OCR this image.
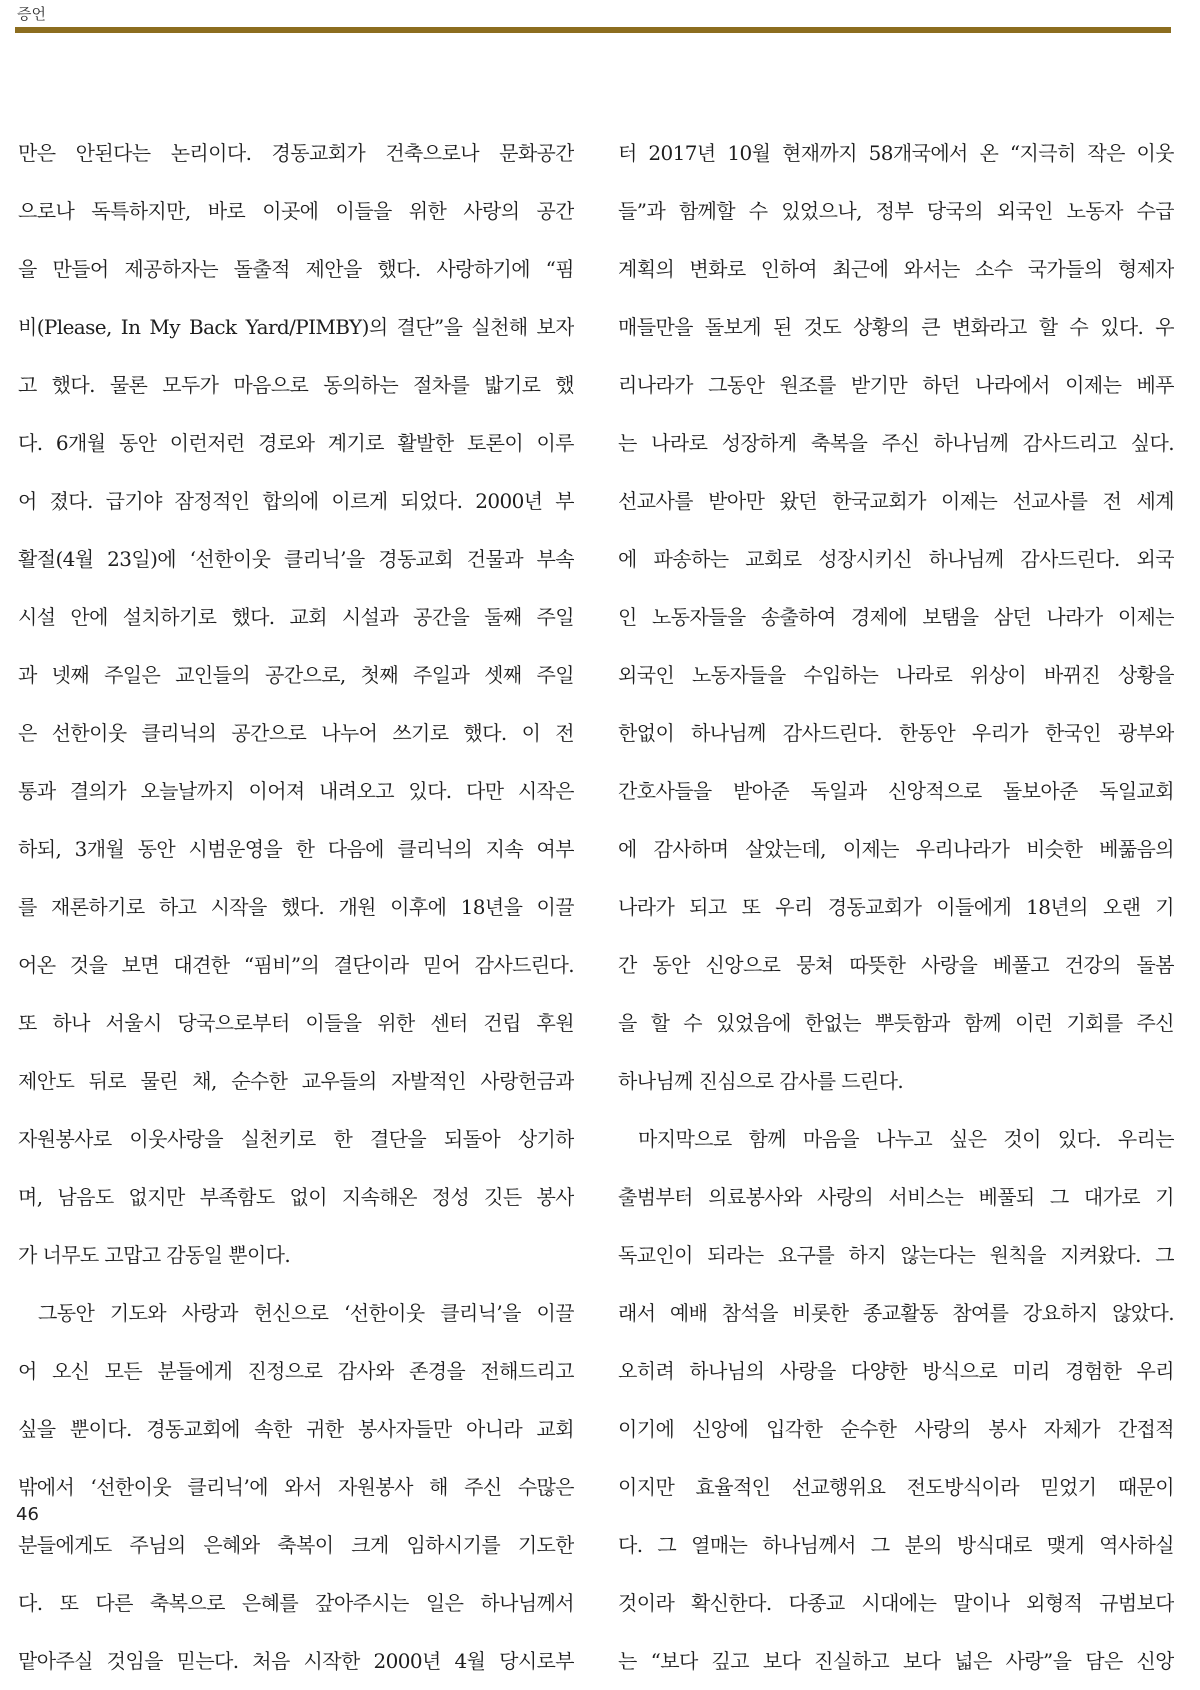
증언
만은 안된다는 논리이다. 경동교회가 건축으로나 문화공간
으로나 독특하지만, 바로 이곳에 이들을 위한 사랑의 공간
을 만들어 제공하자는 돌출적 제안을 했다. 사랑하기에 “핌
비(Please, In My Back Yard/PIMBY)의 결단”을 실천해 보자
고 했다. 물론 모두가 마음으로 동의하는 절차를 밟기로 했
다. 6개월 동안 이런저런 경로와 계기로 활발한 토론이 이루
어 졌다. 급기야 잠정적인 합의에 이르게 되었다. 2000년 부
활절(4월 23일)에 ‘선한이웃 클리닉’을 경동교회 건물과 부속
시설 안에 설치하기로 했다. 교회 시설과 공간을 둘째 주일
과 넷째 주일은 교인들의 공간으로, 첫째 주일과 셋째 주일
은 선한이웃 클리닉의 공간으로 나누어 쓰기로 했다. 이 전
통과 결의가 오늘날까지 이어져 내려오고 있다. 다만 시작은
하되, 3개월 동안 시범운영을 한 다음에 클리닉의 지속 여부
를 재론하기로 하고 시작을 했다. 개원 이후에 18년을 이끌
어온 것을 보면 대견한 “핌비”의 결단이라 믿어 감사드린다.
또 하나 서울시 당국으로부터 이들을 위한 센터 건립 후원
제안도 뒤로 물린 채, 순수한 교우들의 자발적인 사랑헌금과
자원봉사로 이웃사랑을 실천키로 한 결단을 되돌아 상기하
며, 남음도 없지만 부족함도 없이 지속해온 정성 깃든 봉사
가 너무도 고맙고 감동일 뿐이다.
그동안 기도와 사랑과 헌신으로 ‘선한이웃 클리닉’을 이끌
어 오신 모든 분들에게 진정으로 감사와 존경을 전해드리고
싶을 뿐이다. 경동교회에 속한 귀한 봉사자들만 아니라 교회
밖에서 ‘선한이웃 클리닉’에 와서 자원봉사 해 주신 수많은
분들에게도 주님의 은혜와 축복이 크게 임하시기를 기도한
다. 또 다른 축복으로 은혜를 갚아주시는 일은 하나님께서
맡아주실 것임을 믿는다. 처음 시작한 2000년 4월 당시로부
터 2017년 10월 현재까지 58개국에서 온 “지극히 작은 이웃
들”과 함께할 수 있었으나, 정부 당국의 외국인 노동자 수급
계획의 변화로 인하여 최근에 와서는 소수 국가들의 형제자
매들만을 돌보게 된 것도 상황의 큰 변화라고 할 수 있다. 우
리나라가 그동안 원조를 받기만 하던 나라에서 이제는 베푸
는 나라로 성장하게 축복을 주신 하나님께 감사드리고 싶다.
선교사를 받아만 왔던 한국교회가 이제는 선교사를 전 세계
에 파송하는 교회로 성장시키신 하나님께 감사드린다. 외국
인 노동자들을 송출하여 경제에 보탬을 삼던 나라가 이제는
외국인 노동자들을 수입하는 나라로 위상이 바뀌진 상황을
한없이 하나님께 감사드린다. 한동안 우리가 한국인 광부와
간호사들을 받아준 독일과 신앙적으로 돌보아준 독일교회
에 감사하며 살았는데, 이제는 우리나라가 비슷한 베풂음의
나라가 되고 또 우리 경동교회가 이들에게 18년의 오랜 기
간 동안 신앙으로 뭉쳐 따뜻한 사랑을 베풀고 건강의 돌봄
을 할 수 있었음에 한없는 뿌듯함과 함께 이런 기회를 주신
하나님께 진심으로 감사를 드린다.
마지막으로 함께 마음을 나누고 싶은 것이 있다. 우리는
출범부터 의료봉사와 사랑의 서비스는 베풀되 그 대가로 기
독교인이 되라는 요구를 하지 않는다는 원칙을 지켜왔다. 그
래서 예배 참석을 비롯한 종교활동 참여를 강요하지 않았다.
오히려 하나님의 사랑을 다양한 방식으로 미리 경험한 우리
이기에 신앙에 입각한 순수한 사랑의 봉사 자체가 간접적
이지만 효율적인 선교행위요 전도방식이라 믿었기 때문이
다. 그 열매는 하나님께서 그 분의 방식대로 맺게 역사하실
것이라 확신한다. 다종교 시대에는 말이나 외형적 규범보다
는 “보다 깊고 보다 진실하고 보다 넓은 사랑”을 담은 신앙
46
